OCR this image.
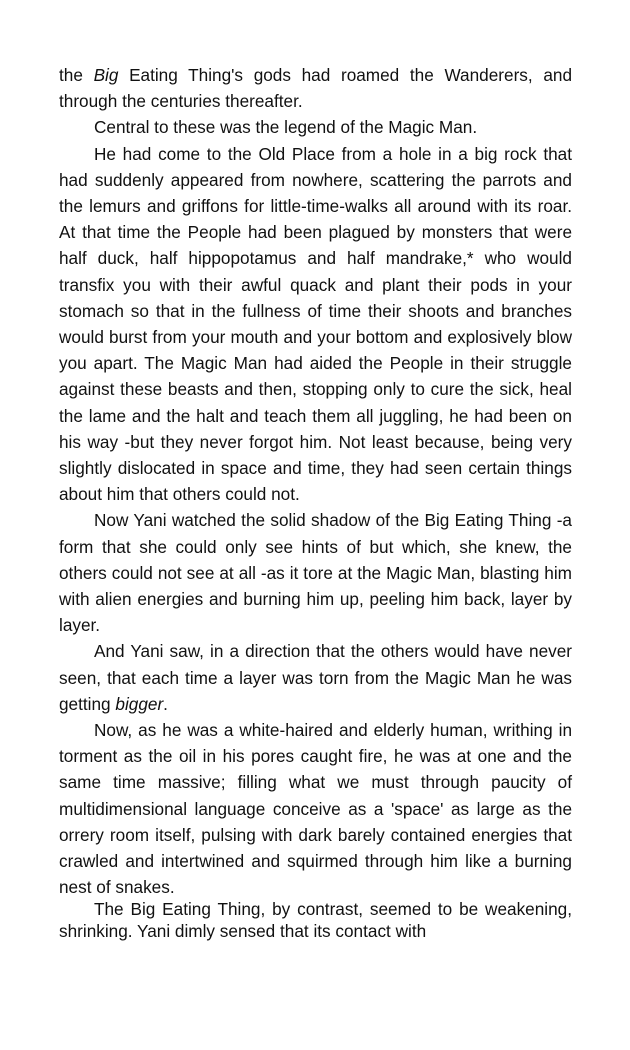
the Big Eating Thing's gods had roamed the Wanderers, and through the centuries thereafter.

Central to these was the legend of the Magic Man.

He had come to the Old Place from a hole in a big rock that had suddenly appeared from nowhere, scattering the parrots and the lemurs and griffons for little-time-walks all around with its roar. At that time the People had been plagued by monsters that were half duck, half hippopotamus and half mandrake,* who would transfix you with their awful quack and plant their pods in your stomach so that in the fullness of time their shoots and branches would burst from your mouth and your bottom and explosively blow you apart. The Magic Man had aided the People in their struggle against these beasts and then, stopping only to cure the sick, heal the lame and the halt and teach them all juggling, he had been on his way -but they never forgot him. Not least because, being very slightly dislocated in space and time, they had seen certain things about him that others could not.

Now Yani watched the solid shadow of the Big Eating Thing -a form that she could only see hints of but which, she knew, the others could not see at all -as it tore at the Magic Man, blasting him with alien energies and burning him up, peeling him back, layer by layer.

And Yani saw, in a direction that the others would have never seen, that each time a layer was torn from the Magic Man he was getting bigger.

Now, as he was a white-haired and elderly human, writhing in torment as the oil in his pores caught fire, he was at one and the same time massive; filling what we must through paucity of multidimensional language conceive as a 'space' as large as the orrery room itself, pulsing with dark barely contained energies that crawled and intertwined and squirmed through him like a burning nest of snakes.

The Big Eating Thing, by contrast, seemed to be weakening, shrinking. Yani dimly sensed that its contact with
